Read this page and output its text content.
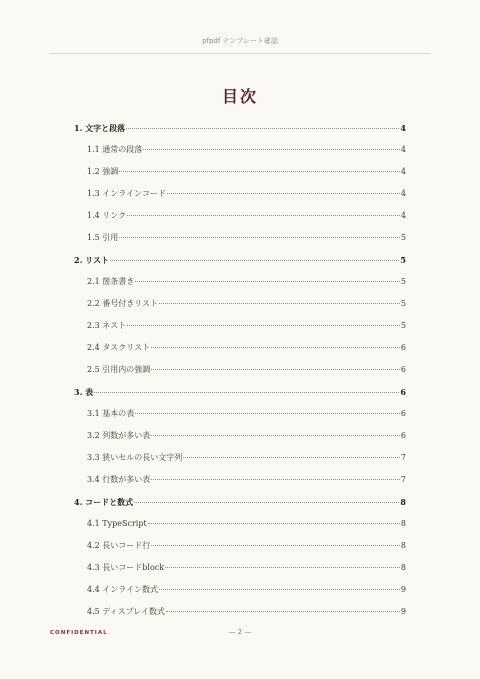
pfpdf テンプレート確認
目次
1. 文字と段落	4
1.1 通常の段落	4
1.2 強調	4
1.3 インラインコード	4
1.4 リンク	4
1.5 引用	5
2. リスト	5
2.1 箇条書き	5
2.2 番号付きリスト	5
2.3 ネスト	5
2.4 タスクリスト	6
2.5 引用内の強調	6
3. 表	6
3.1 基本の表	6
3.2 列数が多い表	6
3.3 狭いセルの長い文字列	7
3.4 行数が多い表	7
4. コードと数式	8
4.1 TypeScript	8
4.2 長いコード行	8
4.3 長いコードblock	8
4.4 インライン数式	9
4.5 ディスプレイ数式	9
CONFIDENTIAL	— 2 —
